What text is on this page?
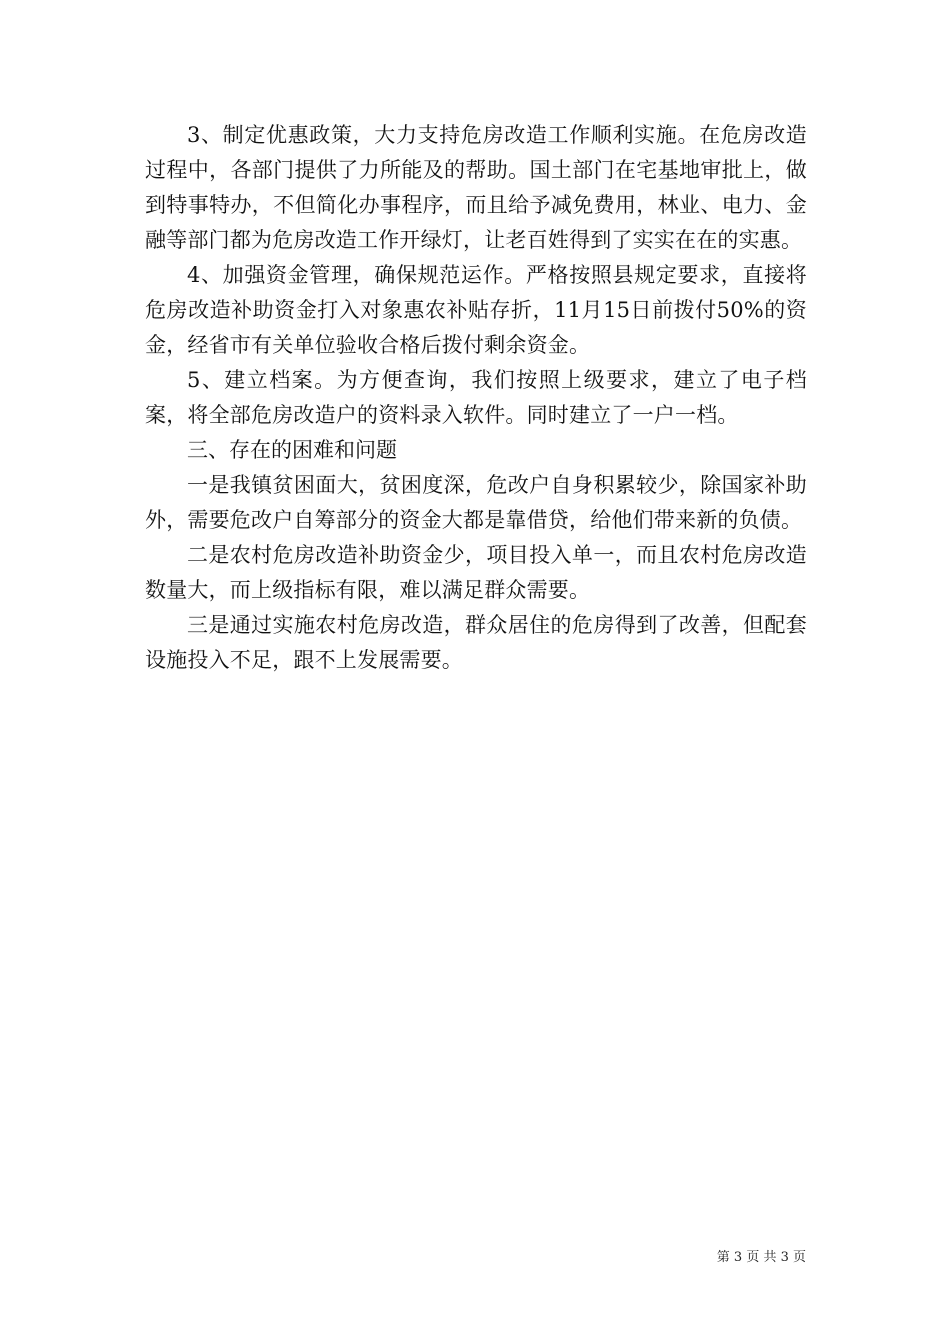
3、制定优惠政策，大力支持危房改造工作顺利实施。在危房改造过程中，各部门提供了力所能及的帮助。国土部门在宅基地审批上，做到特事特办，不但简化办事程序，而且给予减免费用，林业、电力、金融等部门都为危房改造工作开绿灯，让老百姓得到了实实在在的实惠。

4、加强资金管理，确保规范运作。严格按照县规定要求，直接将危房改造补助资金打入对象惠农补贴存折，11月15日前拨付50%的资金，经省市有关单位验收合格后拨付剩余资金。

5、建立档案。为方便查询，我们按照上级要求，建立了电子档案，将全部危房改造户的资料录入软件。同时建立了一户一档。

三、存在的困难和问题

一是我镇贫困面大，贫困度深，危改户自身积累较少，除国家补助外，需要危改户自筹部分的资金大都是靠借贷，给他们带来新的负债。

二是农村危房改造补助资金少，项目投入单一，而且农村危房改造数量大，而上级指标有限，难以满足群众需要。

三是通过实施农村危房改造，群众居住的危房得到了改善，但配套设施投入不足，跟不上发展需要。

第 3 页 共 3 页
